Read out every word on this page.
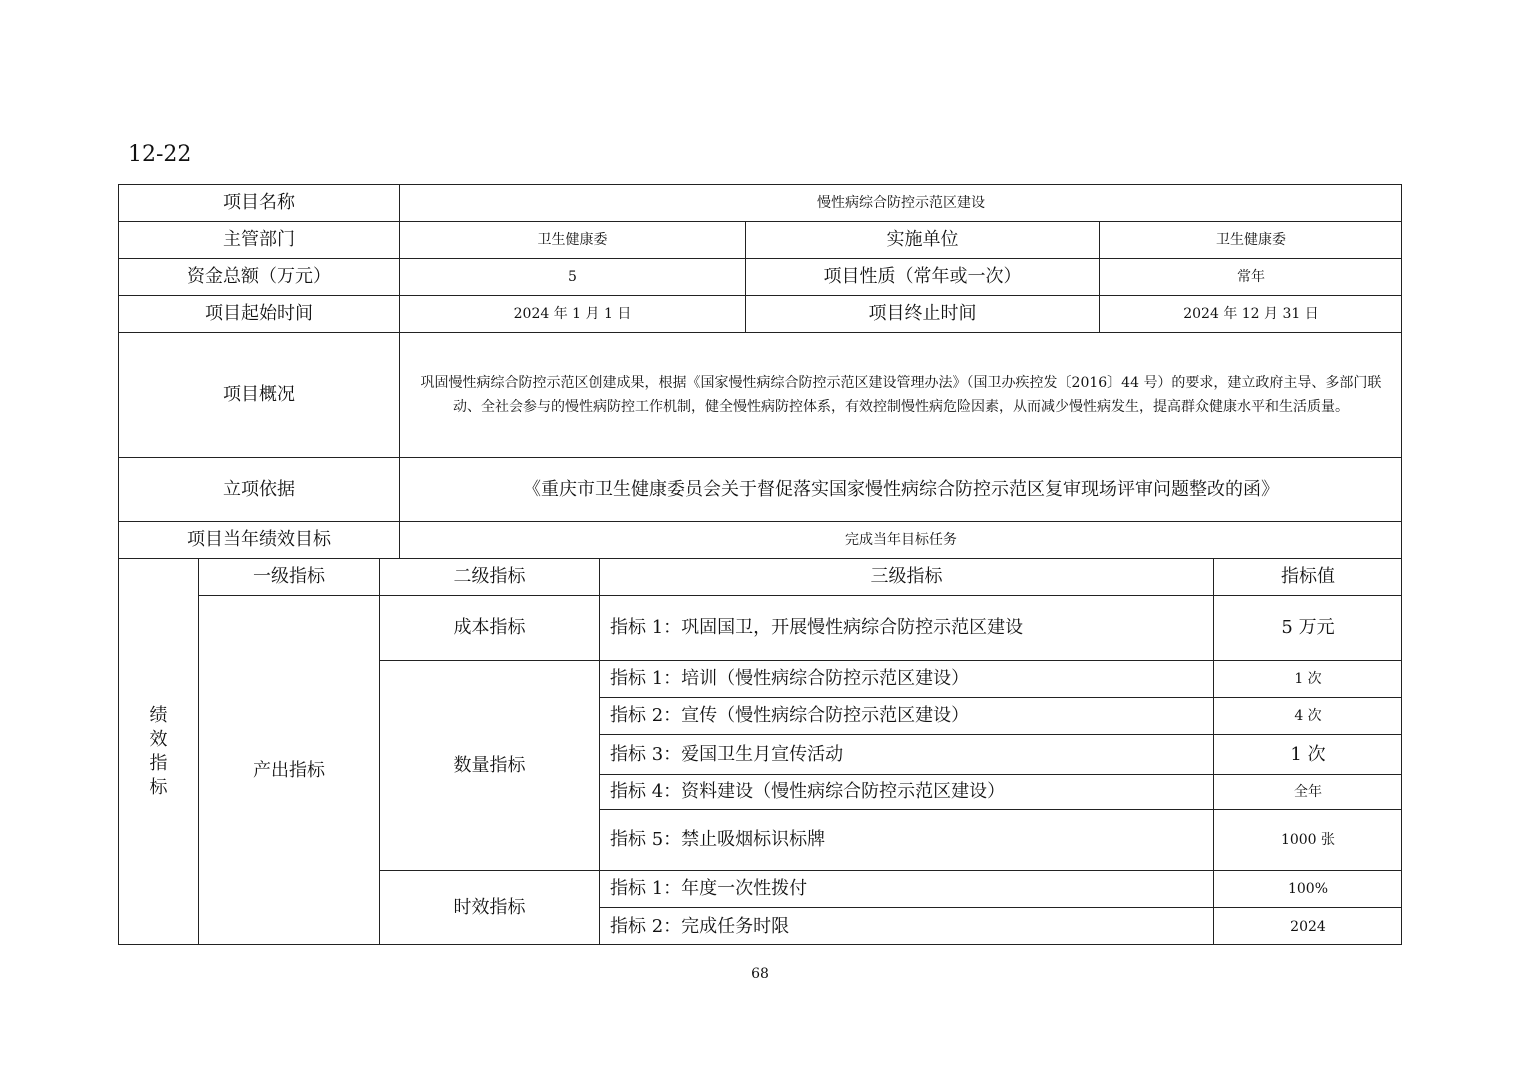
12-22
项目名称	慢性病综合防控示范区建设
主管部门	卫生健康委	实施单位	卫生健康委
资金总额（万元）	5	项目性质（常年或一次）	常年
项目起始时间	2024 年 1 月 1 日	项目终止时间	2024 年 12 月 31 日
项目概况
巩固慢性病综合防控示范区创建成果，根据《国家慢性病综合防控示范区建设管理办法》（国卫办疾控发〔2016〕44 号）的要求，建立政府主导、多部门联动、全社会参与的慢性病防控工作机制，健全慢性病防控体系，有效控制慢性病危险因素，从而减少慢性病发生，提高群众健康水平和生活质量。
立项依据	《重庆市卫生健康委员会关于督促落实国家慢性病综合防控示范区复审现场评审问题整改的函》
项目当年绩效目标	完成当年目标任务
绩效指标
一级指标	二级指标	三级指标	指标值
产出指标
成本指标	指标 1：巩固国卫，开展慢性病综合防控示范区建设	5 万元
数量指标
指标 1：培训（慢性病综合防控示范区建设）	1 次
指标 2：宣传（慢性病综合防控示范区建设）	4 次
指标 3：爱国卫生月宣传活动	1 次
指标 4：资料建设（慢性病综合防控示范区建设）	全年
指标 5：禁止吸烟标识标牌	1000 张
时效指标
指标 1：年度一次性拨付	100%
指标 2：完成任务时限	2024
68
